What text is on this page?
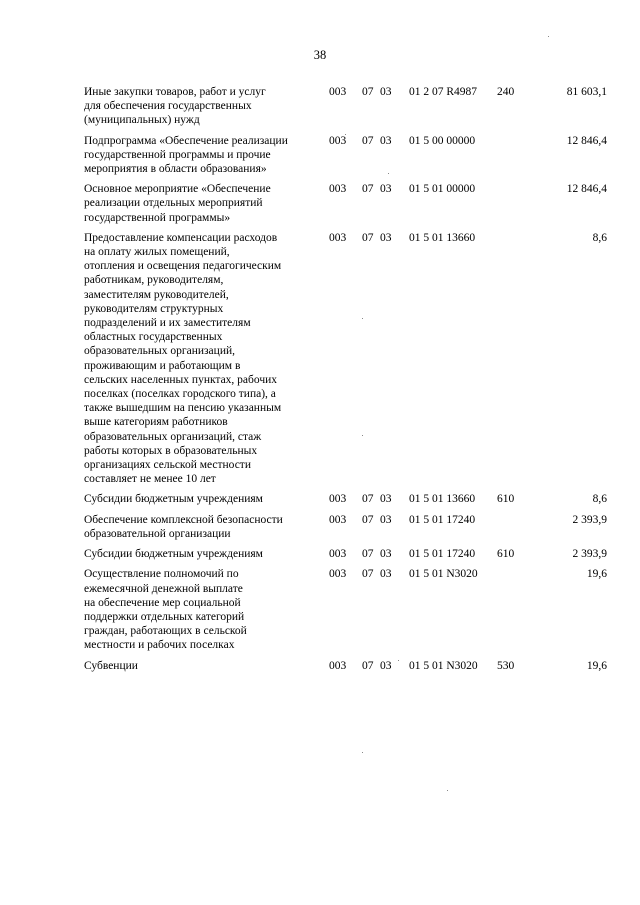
38
Иные закупки товаров, работ и услуг
для обеспечения государственных
(муниципальных) нужд
003 07 03 01 2 07 R4987 240	81 603,1
Подпрограмма «Обеспечение реализации
государственной программы и прочие
мероприятия в области образования»
003 07 03 01 5 00 00000	12 846,4
Основное мероприятие «Обеспечение
реализации отдельных мероприятий
государственной программы»
003 07 03 01 5 01 00000	12 846,4
Предоставление компенсации расходов
на оплату жилых помещений,
отопления и освещения педагогическим
работникам, руководителям,
заместителям руководителей,
руководителям структурных
подразделений и их заместителям
областных государственных
образовательных организаций,
проживающим и работающим в
сельских населенных пунктах, рабочих
поселках (поселках городского типа), а
также вышедшим на пенсию указанным
выше категориям работников
образовательных организаций, стаж
работы которых в образовательных
организациях сельской местности
составляет не менее 10 лет
003 07 03 01 5 01 13660	8,6
Субсидии бюджетным учреждениям	003 07 03 01 5 01 13660 610	8,6
Обеспечение комплексной безопасности
образовательной организации
003 07 03 01 5 01 17240	2 393,9
Субсидии бюджетным учреждениям	003 07 03 01 5 01 17240 610	2 393,9
Осуществление полномочий по
ежемесячной денежной выплате
на обеспечение мер социальной
поддержки отдельных категорий
граждан, работающих в сельской
местности и рабочих поселках
003 07 03 01 5 01 N3020	19,6
Субвенции	003 07 03 01 5 01 N3020 530	19,6
